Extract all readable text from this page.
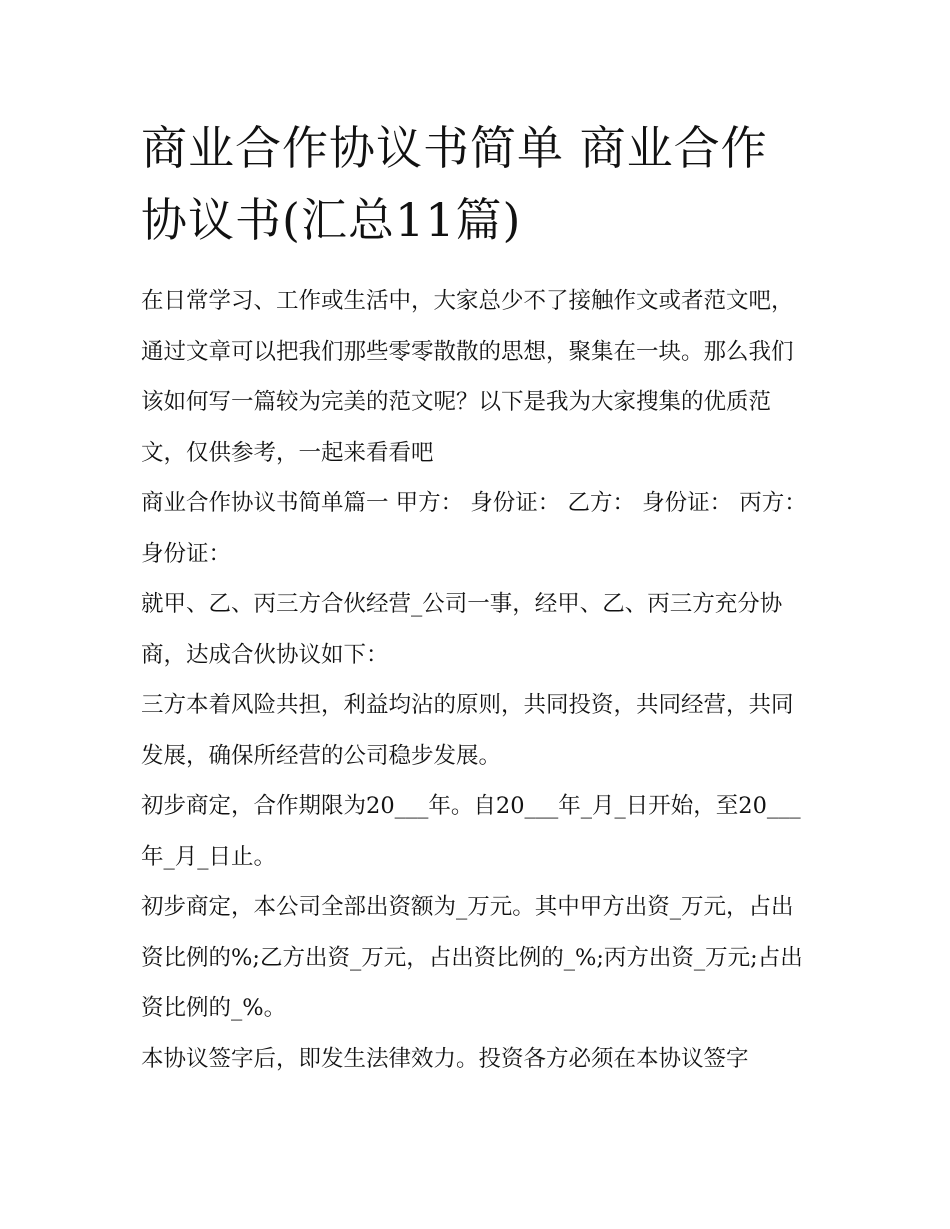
商业合作协议书简单 商业合作协议书(汇总11篇)

在日常学习、工作或生活中，大家总少不了接触作文或者范文吧，通过文章可以把我们那些零零散散的思想，聚集在一块。那么我们该如何写一篇较为完美的范文呢？以下是我为大家搜集的优质范文，仅供参考，一起来看看吧

商业合作协议书简单篇一 甲方： 身份证： 乙方： 身份证： 丙方： 身份证：

就甲、乙、丙三方合伙经营_公司一事，经甲、乙、丙三方充分协商，达成合伙协议如下：

三方本着风险共担，利益均沾的原则，共同投资，共同经营，共同发展，确保所经营的公司稳步发展。

初步商定，合作期限为20___年。自20___年_月_日开始，至20___年_月_日止。

初步商定，本公司全部出资额为_万元。其中甲方出资_万元，占出资比例的%;乙方出资_万元，占出资比例的_%;丙方出资_万元;占出资比例的_%。

本协议签字后，即发生法律效力。投资各方必须在本协议签字
